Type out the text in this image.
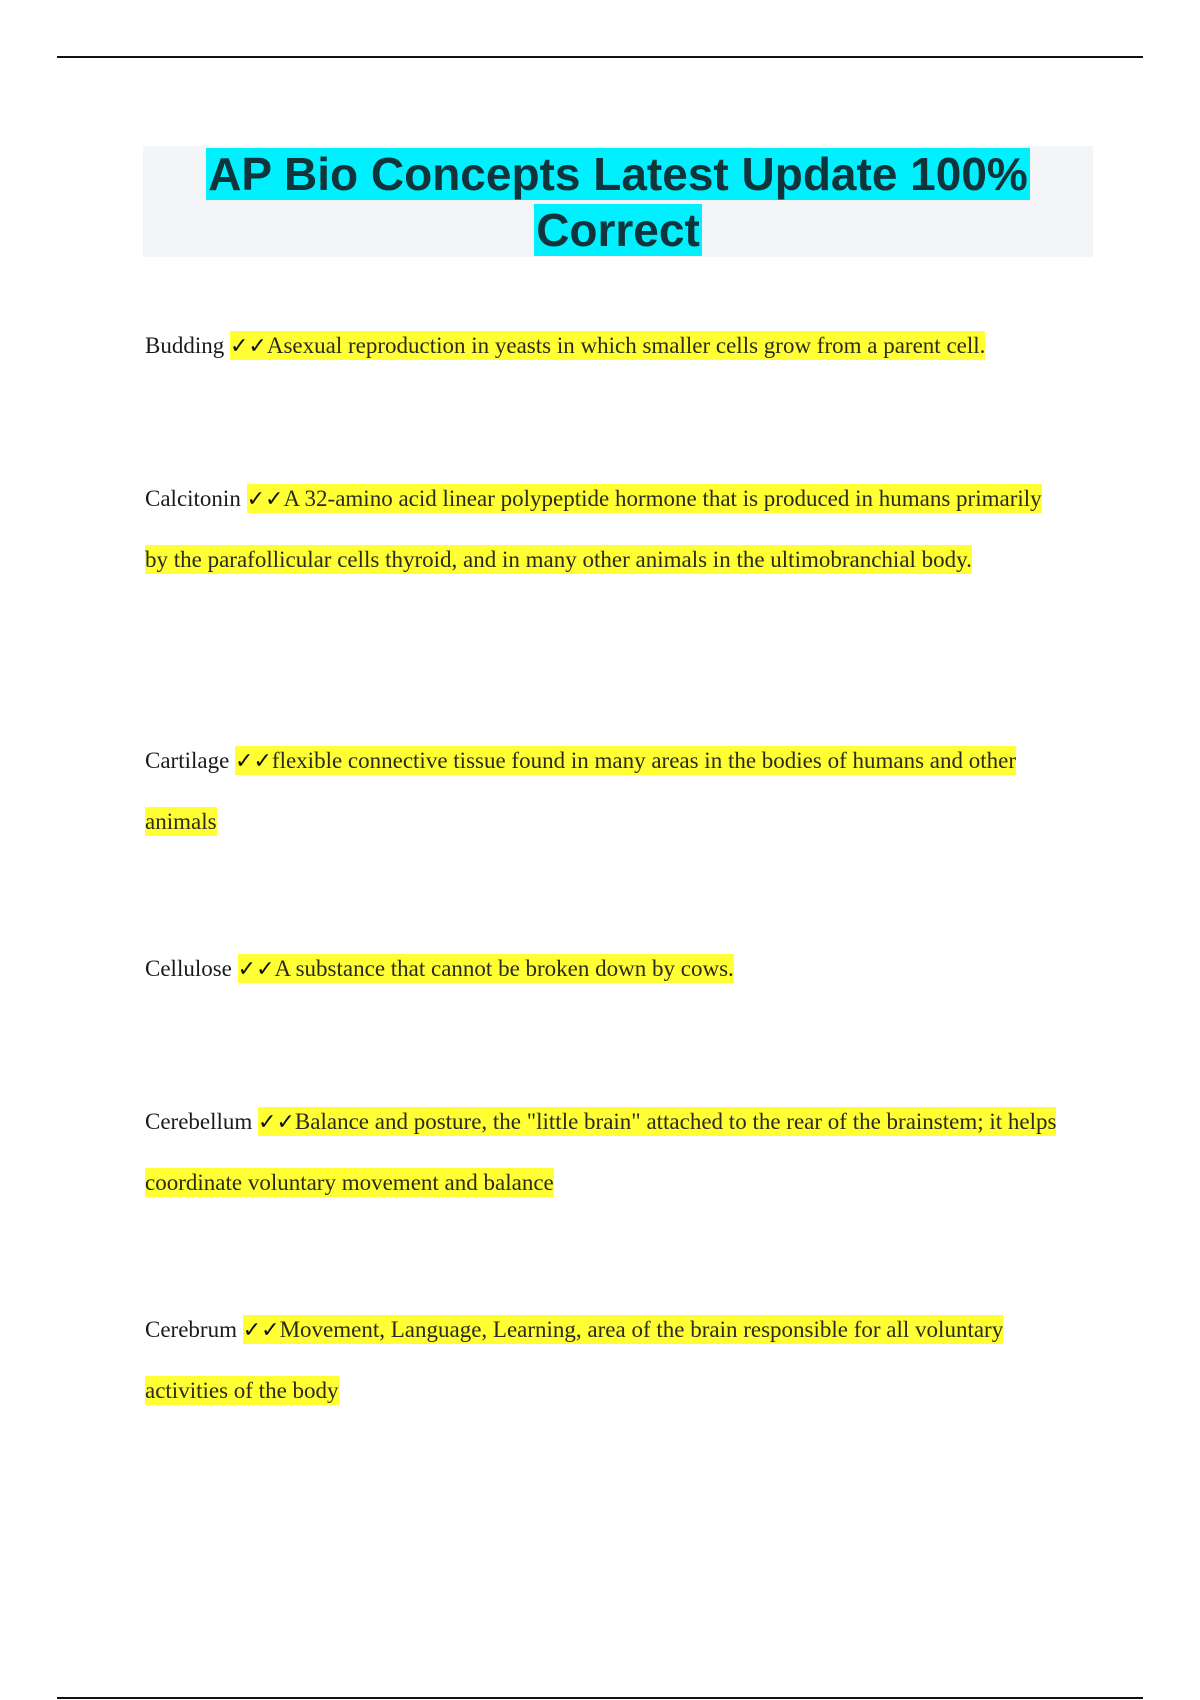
AP Bio Concepts Latest Update 100%
Correct

Budding ✓✓Asexual reproduction in yeasts in which smaller cells grow from a parent cell.

Calcitonin ✓✓A 32-amino acid linear polypeptide hormone that is produced in humans primarily by the parafollicular cells thyroid, and in many other animals in the ultimobranchial body.

Cartilage ✓✓flexible connective tissue found in many areas in the bodies of humans and other animals

Cellulose ✓✓A substance that cannot be broken down by cows.

Cerebellum ✓✓Balance and posture, the "little brain" attached to the rear of the brainstem; it helps coordinate voluntary movement and balance

Cerebrum ✓✓Movement, Language, Learning, area of the brain responsible for all voluntary activities of the body
